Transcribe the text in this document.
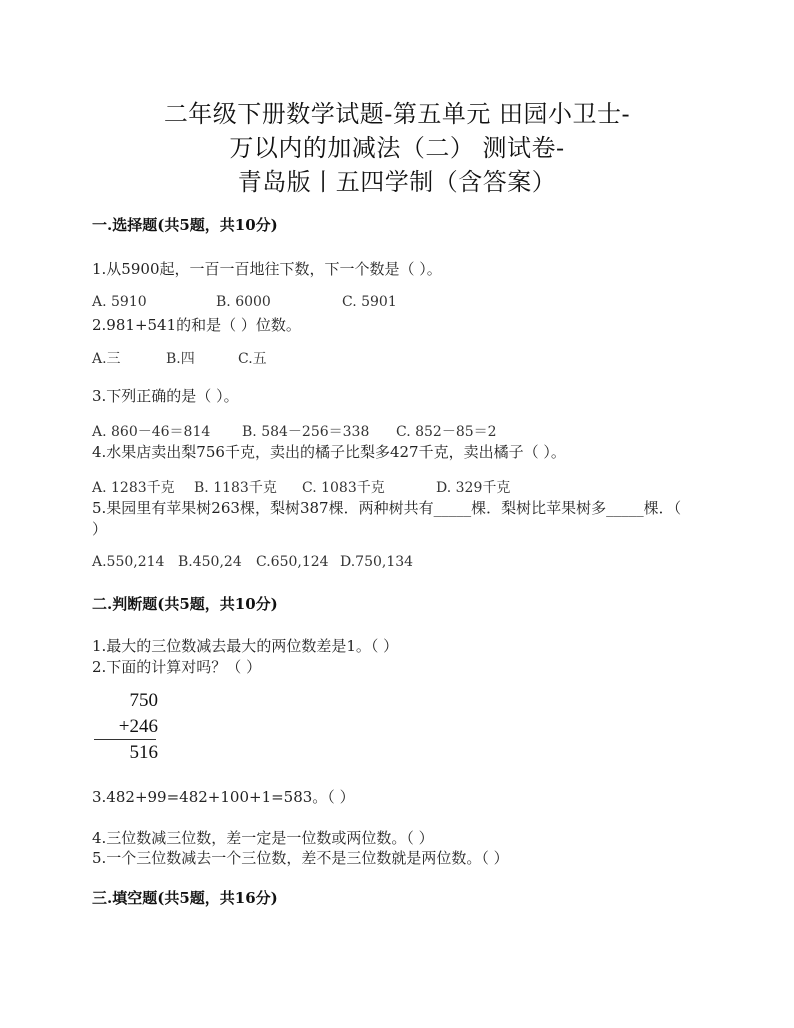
二年级下册数学试题-第五单元 田园小卫士-
万以内的加减法（二） 测试卷-
青岛版丨五四学制（含答案）
一.选择题(共5题，共10分)
1.从5900起，一百一百地往下数，下一个数是（ ）。
A. 5910	B. 6000	C. 5901
2.981+541的和是（ ）位数。
A.三	B.四	C.五
3.下列正确的是（ ）。
A. 860－46＝814 B. 584－256＝338 C. 852－85＝2
4.水果店卖出梨756千克，卖出的橘子比梨多427千克，卖出橘子（ ）。
A. 1283千克 B. 1183千克 C. 1083千克	D. 329千克
5.果园里有苹果树263棵，梨树387棵．两种树共有_____棵．梨树比苹果树多_____棵．（
）
A.550,214 B.450,24 C.650,124 D.750,134
二.判断题(共5题，共10分)
1.最大的三位数减去最大的两位数差是1。（ ）
2.下面的计算对吗？（ ）
750
+246
516
3.482+99=482+100+1=583。（ ）
4.三位数减三位数，差一定是一位数或两位数。（ ）
5.一个三位数减去一个三位数，差不是三位数就是两位数。（ ）
三.填空题(共5题，共16分)
